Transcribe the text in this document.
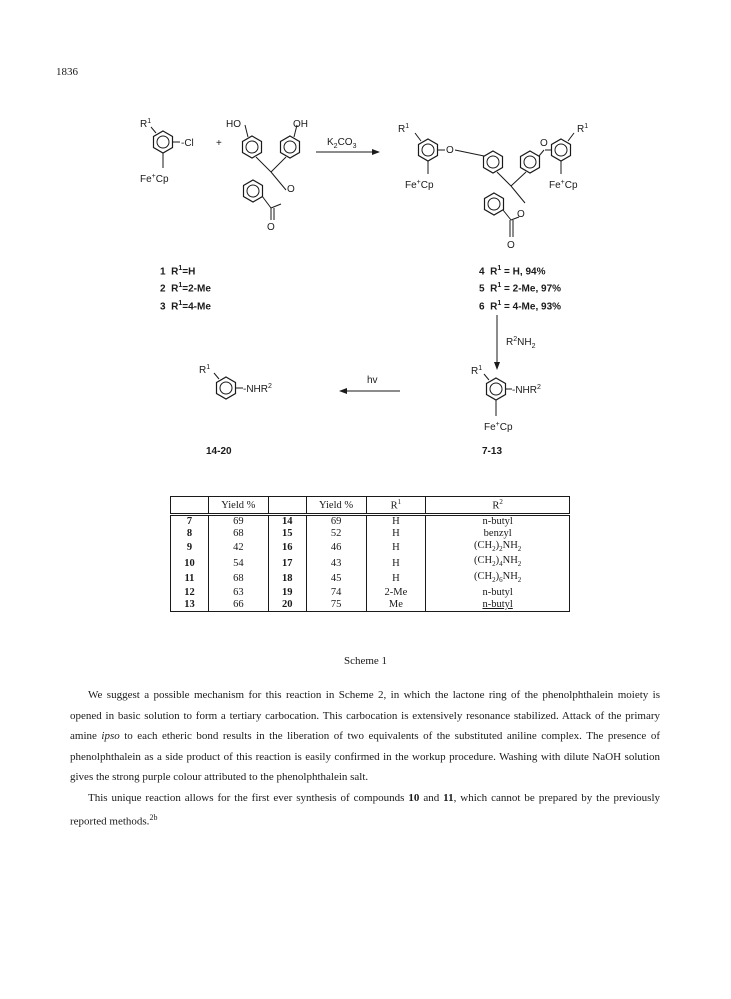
1836
$R^1$
-Cl
Fe+Cp
+
HO	OH
O
O
$K_2CO_3$
$R^1$	$R^1$
O
O
Fe+Cp	Fe+Cp
O
O
$R^2NH_2$
$R^1$
-NHR$^2$
Fe+Cp
hv
$R^1$
-NHR$^2$
1 $R^1=H$
2 $R^1=2-Me$
3 $R^1=4-Me$
4 $R^1 = H$, 94%
5 $R^1 = 2-Me$, 97%
6 $R^1 = 4-Me$, 93%
14-20	7-13
	Yield %		Yield %	$R^1$	$R^2$
7	69	14	69	H	n-butyl
8	68	15	52	H	benzyl
9	42	16	46	H	$(CH_2)_2NH_2$
10	54	17	43	H	$(CH_2)_4NH_2$
11	68	18	45	H	$(CH_2)_6NH_2$
12	63	19	74	2-Me	n-butyl
13	66	20	75	Me	n-butyl
Scheme 1

We suggest a possible mechanism for this reaction in Scheme 2, in which the lactone ring of the phenolphthalein moiety is opened in basic solution to form a tertiary carbocation. This carbocation is extensively resonance stabilized. Attack of the primary amine ipso to each etheric bond results in the liberation of two equivalents of the substituted aniline complex. The presence of phenolphthalein as a side product of this reaction is easily confirmed in the workup procedure. Washing with dilute NaOH solution gives the strong purple colour attributed to the phenolphthalein salt.

This unique reaction allows for the first ever synthesis of compounds 10 and 11, which cannot be prepared by the previously reported methods.$^{2b}$
